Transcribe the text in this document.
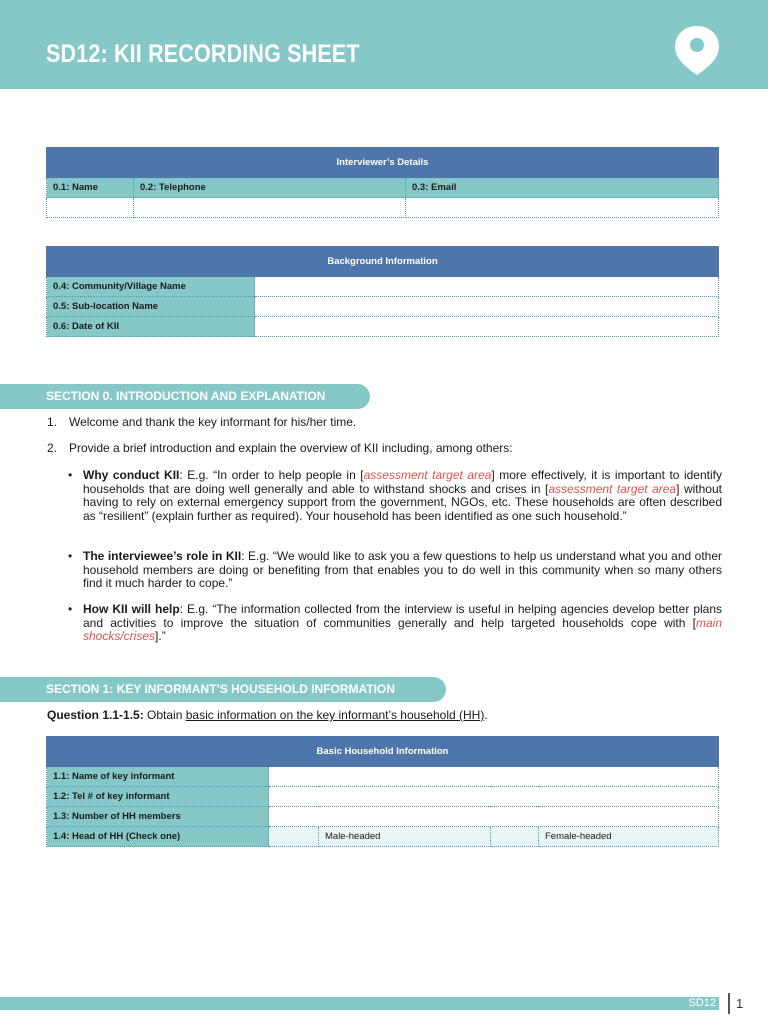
SD12: KII RECORDING SHEET
Interviewer’s Details		
0.1: Name	0.2: Telephone	0.3: Email

Background Information	
0.4: Community/Village Name	
0.5: Sub-location Name	
0.6: Date of KII	
SECTION 0. INTRODUCTION AND EXPLANATION
1. Welcome and thank the key informant for his/her time.
2. Provide a brief introduction and explain the overview of KII including, among others:
• Why conduct KII: E.g. “In order to help people in [assessment target area] more effectively, it is important to identify households that are doing well generally and able to withstand shocks and crises in [assessment target area] without having to rely on external emergency support from the government, NGOs, etc. These households are often described as “resilient” (explain further as required). Your household has been identified as one such household.”
• The interviewee’s role in KII: E.g. “We would like to ask you a few questions to help us understand what you and other household members are doing or benefiting from that enables you to do well in this community when so many others find it much harder to cope.”
• How KII will help: E.g. “The information collected from the interview is useful in helping agencies develop better plans and activities to improve the situation of communities generally and help targeted households cope with [main shocks/crises].”
SECTION 1: KEY INFORMANT’S HOUSEHOLD INFORMATION
Question 1.1-1.5: Obtain basic information on the key informant’s household (HH).
Basic Household Information				
1.1: Name of key informant				
1.2: Tel # of key informant				
1.3: Number of HH members				
1.4: Head of HH (Check one)		Male-headed		Female-headed
SD12 1
